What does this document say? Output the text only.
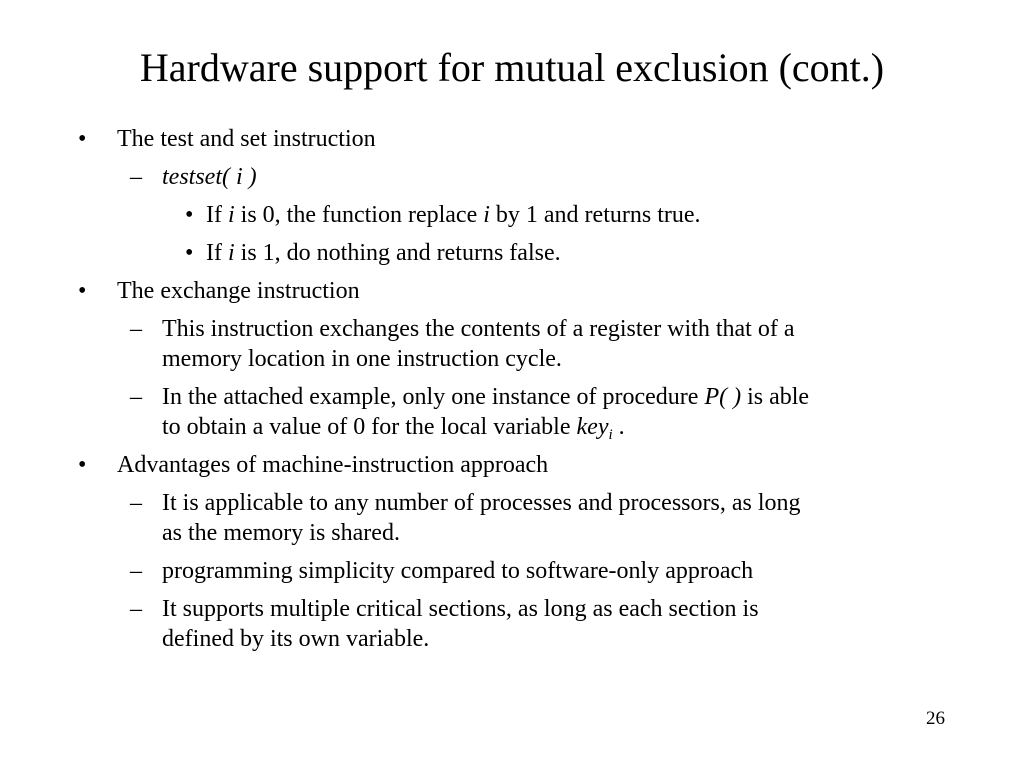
Hardware support for mutual exclusion (cont.)
• The test and set instruction
– testset( i )
• If i is 0, the function replace i by 1 and returns true.
• If i is 1, do nothing and returns false.
• The exchange instruction
– This instruction exchanges the contents of a register with that of a
memory location in one instruction cycle.
– In the attached example, only one instance of procedure P( ) is able
to obtain a value of 0 for the local variable key$_i$ .
• Advantages of machine-instruction approach
– It is applicable to any number of processes and processors, as long
as the memory is shared.
– programming simplicity compared to software-only approach
– It supports multiple critical sections, as long as each section is
defined by its own variable.
26
